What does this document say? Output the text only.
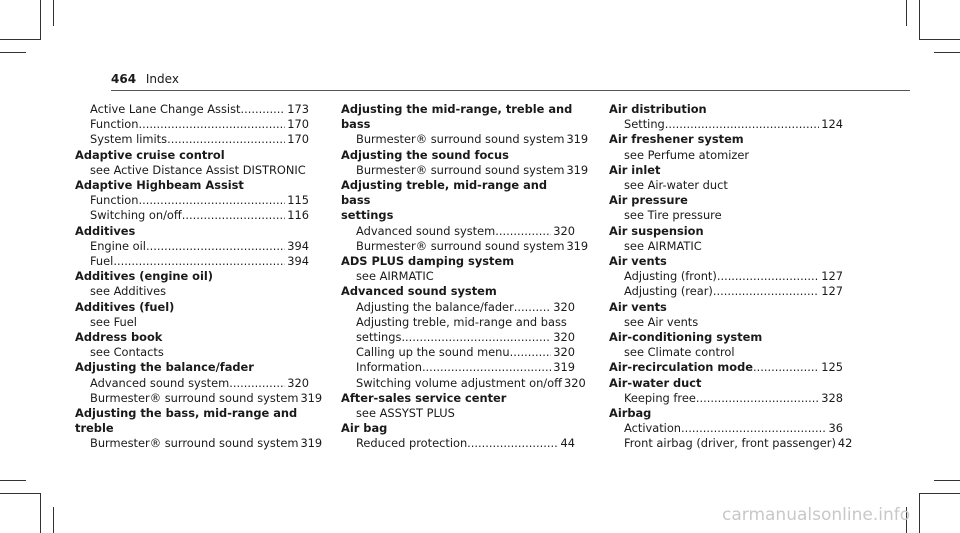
464 Index
Active Lane Change Assist .....	173
Function .....	170
System limits .....	170
Adaptive cruise control
see Active Distance Assist DISTRONIC
Adaptive Highbeam Assist
Function .....	115
Switching on/off .....	116
Additives
Engine oil .....	394
Fuel .....	394
Additives (engine oil)
see Additives
Additives (fuel)
see Fuel
Address book
see Contacts
Adjusting the balance/fader
Advanced sound system .....	320
Burmester® surround sound system 319
Adjusting the bass, mid-range and
treble
Burmester® surround sound system 319
Adjusting the mid-range, treble and
bass
Burmester® surround sound system 319
Adjusting the sound focus
Burmester® surround sound system 319
Adjusting treble, mid-range and bass
settings
Advanced sound system .....	320
Burmester® surround sound system 319
ADS PLUS damping system
see AIRMATIC
Advanced sound system
Adjusting the balance/fader .....	320
Adjusting treble, mid-range and bass
settings .....	320
Calling up the sound menu .....	320
Information .....	319
Switching volume adjustment on/off 320
After-sales service center
see ASSYST PLUS
Air bag
Reduced protection .....	44
Air distribution
Setting .....	124
Air freshener system
see Perfume atomizer
Air inlet
see Air-water duct
Air pressure
see Tire pressure
Air suspension
see AIRMATIC
Air vents
Adjusting (front) .....	127
Adjusting (rear) .....	127
Air vents
see Air vents
Air-conditioning system
see Climate control
Air-recirculation mode .....	125
Air-water duct
Keeping free .....	328
Airbag
Activation .....	36
Front airbag (driver, front passenger) 42
carmanualsonline.info
